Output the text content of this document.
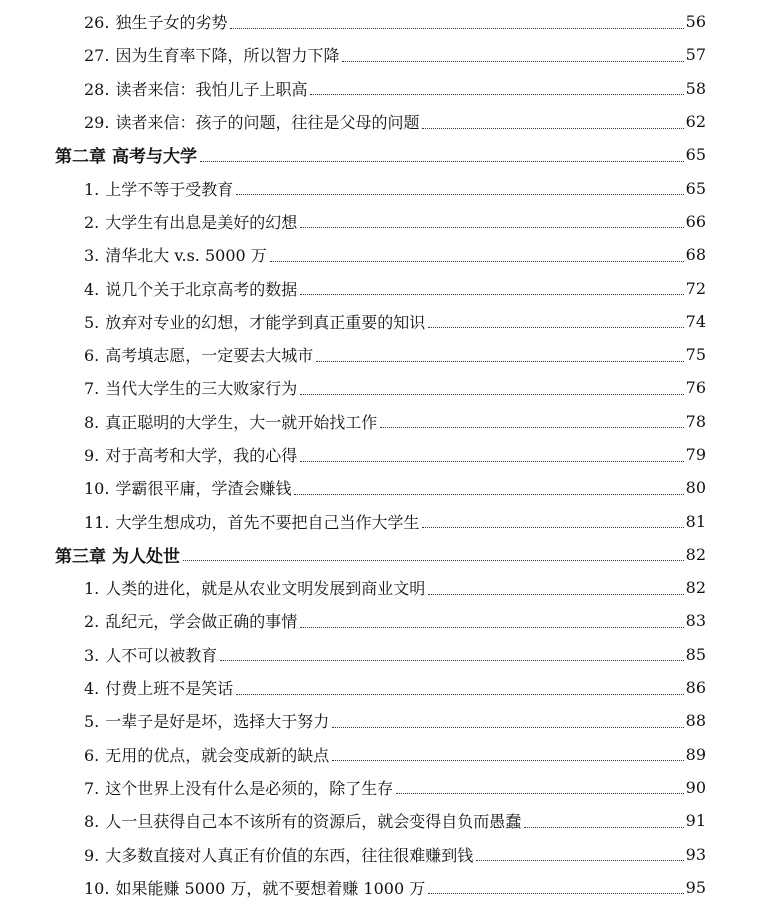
26. 独生子女的劣势	56
27. 因为生育率下降，所以智力下降	57
28. 读者来信：我怕儿子上职高	58
29. 读者来信：孩子的问题，往往是父母的问题	62
第二章 高考与大学	65
1. 上学不等于受教育	65
2. 大学生有出息是美好的幻想	66
3. 清华北大 v.s. 5000 万	68
4. 说几个关于北京高考的数据	72
5. 放弃对专业的幻想，才能学到真正重要的知识	74
6. 高考填志愿，一定要去大城市	75
7. 当代大学生的三大败家行为	76
8. 真正聪明的大学生，大一就开始找工作	78
9. 对于高考和大学，我的心得	79
10. 学霸很平庸，学渣会赚钱	80
11. 大学生想成功，首先不要把自己当作大学生	81
第三章 为人处世	82
1. 人类的进化，就是从农业文明发展到商业文明	82
2. 乱纪元，学会做正确的事情	83
3. 人不可以被教育	85
4. 付费上班不是笑话	86
5. 一辈子是好是坏，选择大于努力	88
6. 无用的优点，就会变成新的缺点	89
7. 这个世界上没有什么是必须的，除了生存	90
8. 人一旦获得自己本不该所有的资源后，就会变得自负而愚蠢	91
9. 大多数直接对人真正有价值的东西，往往很难赚到钱	93
10. 如果能赚 5000 万，就不要想着赚 1000 万	95
